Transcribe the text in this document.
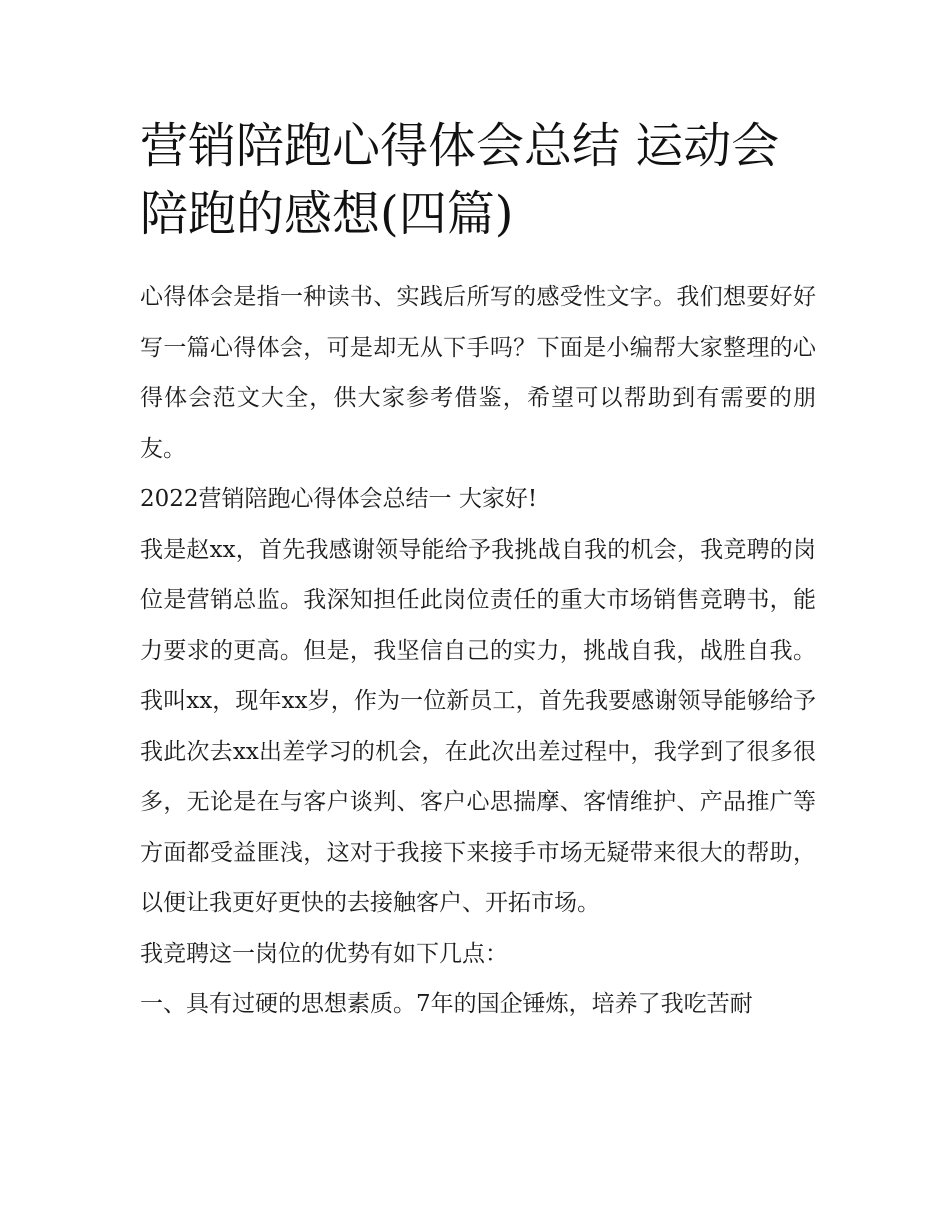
营销陪跑心得体会总结 运动会陪跑的感想(四篇)

心得体会是指一种读书、实践后所写的感受性文字。我们想要好好写一篇心得体会，可是却无从下手吗？下面是小编帮大家整理的心得体会范文大全，供大家参考借鉴，希望可以帮助到有需要的朋友。

2022营销陪跑心得体会总结一 大家好!

我是赵xx，首先我感谢领导能给予我挑战自我的机会，我竞聘的岗位是营销总监。我深知担任此岗位责任的重大市场销售竞聘书，能力要求的更高。但是，我坚信自己的实力，挑战自我，战胜自我。我叫xx，现年xx岁，作为一位新员工，首先我要感谢领导能够给予我此次去xx出差学习的机会，在此次出差过程中，我学到了很多很多，无论是在与客户谈判、客户心思揣摩、客情维护、产品推广等方面都受益匪浅，这对于我接下来接手市场无疑带来很大的帮助，以便让我更好更快的去接触客户、开拓市场。

我竞聘这一岗位的优势有如下几点：

一、具有过硬的思想素质。7年的国企锤炼，培养了我吃苦耐
